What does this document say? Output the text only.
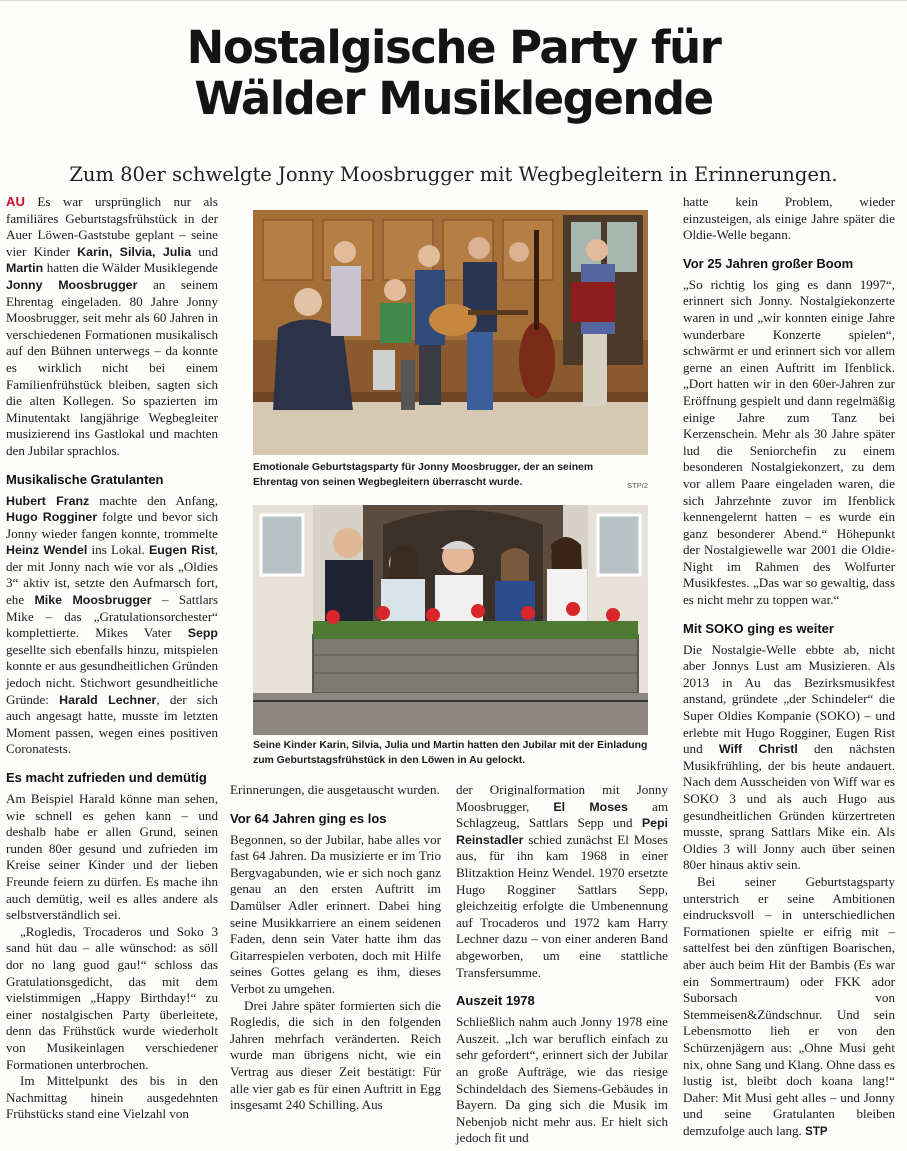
Nostalgische Party für
Wälder Musiklegende
Zum 80er schwelgte Jonny Moosbrugger mit Wegbegleitern in Erinnerungen.

AU Es war ursprünglich nur als familiäres Geburtstagsfrühstück in der Auer Löwen-Gaststube geplant – seine vier Kinder Karin, Silvia, Julia und Martin hatten die Wälder Musiklegende Jonny Moosbrugger an seinem Ehrentag eingeladen. 80 Jahre Jonny Moosbrugger, seit mehr als 60 Jahren in verschiedenen Formationen musikalisch auf den Bühnen unterwegs – da konnte es wirklich nicht bei einem Familienfrühstück bleiben, sagten sich die alten Kollegen. So spazierten im Minutentakt langjährige Wegbegleiter musizierend ins Gastlokal und machten den Jubilar sprachlos.

Musikalische Gratulanten

Hubert Franz machte den Anfang, Hugo Rogginer folgte und bevor sich Jonny wieder fangen konnte, trommelte Heinz Wendel ins Lokal. Eugen Rist, der mit Jonny nach wie vor als „Oldies 3“ aktiv ist, setzte den Aufmarsch fort, ehe Mike Moosbrugger – Sattlars Mike – das „Gratulationsorchester“ komplettierte. Mikes Vater Sepp gesellte sich ebenfalls hinzu, mitspielen konnte er aus gesundheitlichen Gründen jedoch nicht. Stichwort gesundheitliche Gründe: Harald Lechner, der sich auch angesagt hatte, musste im letzten Moment passen, wegen eines positiven Coronatests.

Es macht zufrieden und demütig

Am Beispiel Harald könne man sehen, wie schnell es gehen kann – und deshalb habe er allen Grund, seinen runden 80er gesund und zufrieden im Kreise seiner Kinder und der lieben Freunde feiern zu dürfen. Es mache ihn auch demütig, weil es alles andere als selbstverständlich sei.

„Rogledis, Trocaderos und Soko 3 sand hüt dau – alle wünschod: as söll dor no lang guod gau!“ schloss das Gratulationsgedicht, das mit dem vielstimmigen „Happy Birthday!“ zu einer nostalgischen Party überleitete, denn das Frühstück wurde wiederholt von Musikeinlagen verschiedener Formationen unterbrochen.

Im Mittelpunkt des bis in den Nachmittag hinein ausgedehnten Frühstücks stand eine Vielzahl von

Emotionale Geburtstagsparty für Jonny Moosbrugger, der an seinem Ehrentag von seinen Wegbegleitern überrascht wurde.	STP/2
Seine Kinder Karin, Silvia, Julia und Martin hatten den Jubilar mit der Einladung zum Geburtstagsfrühstück in den Löwen in Au gelockt.

Erinnerungen, die ausgetauscht wurden.

Vor 64 Jahren ging es los

Begonnen, so der Jubilar, habe alles vor fast 64 Jahren. Da musizierte er im Trio Bergvagabunden, wie er sich noch ganz genau an den ersten Auftritt im Damülser Adler erinnert. Dabei hing seine Musikkarriere an einem seidenen Faden, denn sein Vater hatte ihm das Gitarrespielen verboten, doch mit Hilfe seines Gottes gelang es ihm, dieses Verbot zu umgehen.

Drei Jahre später formierten sich die Rogledis, die sich in den folgenden Jahren mehrfach veränderten. Reich wurde man übrigens nicht, wie ein Vertrag aus dieser Zeit bestätigt: Für alle vier gab es für einen Auftritt in Egg insgesamt 240 Schilling. Aus

der Originalformation mit Jonny Moosbrugger, El Moses am Schlagzeug, Sattlars Sepp und Pepi Reinstadler schied zunächst El Moses aus, für ihn kam 1968 in einer Blitzaktion Heinz Wendel. 1970 ersetzte Hugo Rogginer Sattlars Sepp, gleichzeitig erfolgte die Umbenennung auf Trocaderos und 1972 kam Harry Lechner dazu – von einer anderen Band abgeworben, um eine stattliche Transfersumme.

Auszeit 1978

Schließlich nahm auch Jonny 1978 eine Auszeit. „Ich war beruflich einfach zu sehr gefordert“, erinnert sich der Jubilar an große Aufträge, wie das riesige Schindeldach des Siemens-Gebäudes in Bayern. Da ging sich die Musik im Nebenjob nicht mehr aus. Er hielt sich jedoch fit und

hatte kein Problem, wieder einzusteigen, als einige Jahre später die Oldie-Welle begann.

Vor 25 Jahren großer Boom

„So richtig los ging es dann 1997“, erinnert sich Jonny. Nostalgiekonzerte waren in und „wir konnten einige Jahre wunderbare Konzerte spielen“, schwärmt er und erinnert sich vor allem gerne an einen Auftritt im Ifenblick. „Dort hatten wir in den 60er-Jahren zur Eröffnung gespielt und dann regelmäßig einige Jahre zum Tanz bei Kerzenschein. Mehr als 30 Jahre später lud die Seniorchefin zu einem besonderen Nostalgiekonzert, zu dem vor allem Paare eingeladen waren, die sich Jahrzehnte zuvor im Ifenblick kennengelernt hatten – es wurde ein ganz besonderer Abend.“ Höhepunkt der Nostalgiewelle war 2001 die Oldie-Night im Rahmen des Wolfurter Musikfestes. „Das war so gewaltig, dass es nicht mehr zu toppen war.“

Mit SOKO ging es weiter

Die Nostalgie-Welle ebbte ab, nicht aber Jonnys Lust am Musizieren. Als 2013 in Au das Bezirksmusikfest anstand, gründete „der Schindeler“ die Super Oldies Kompanie (SOKO) – und erlebte mit Hugo Rogginer, Eugen Rist und Wiff Christl den nächsten Musikfrühling, der bis heute andauert. Nach dem Ausscheiden von Wiff war es SOKO 3 und als auch Hugo aus gesundheitlichen Gründen kürzertreten musste, sprang Sattlars Mike ein. Als Oldies 3 will Jonny auch über seinen 80er hinaus aktiv sein.

Bei seiner Geburtstagsparty unterstrich er seine Ambitionen eindrucksvoll – in unterschiedlichen Formationen spielte er eifrig mit – sattelfest bei den zünftigen Boarischen, aber auch beim Hit der Bambis (Es war ein Sommertraum) oder FKK ador Suborsach von Stemmeisen&Zündschnur. Und sein Lebensmotto lieh er von den Schürzenjägern aus: „Ohne Musi geht nix, ohne Sang und Klang. Ohne dass es lustig ist, bleibt doch koana lang!“ Daher: Mit Musi geht alles – und Jonny und seine Gratulanten bleiben demzufolge auch lang. STP
